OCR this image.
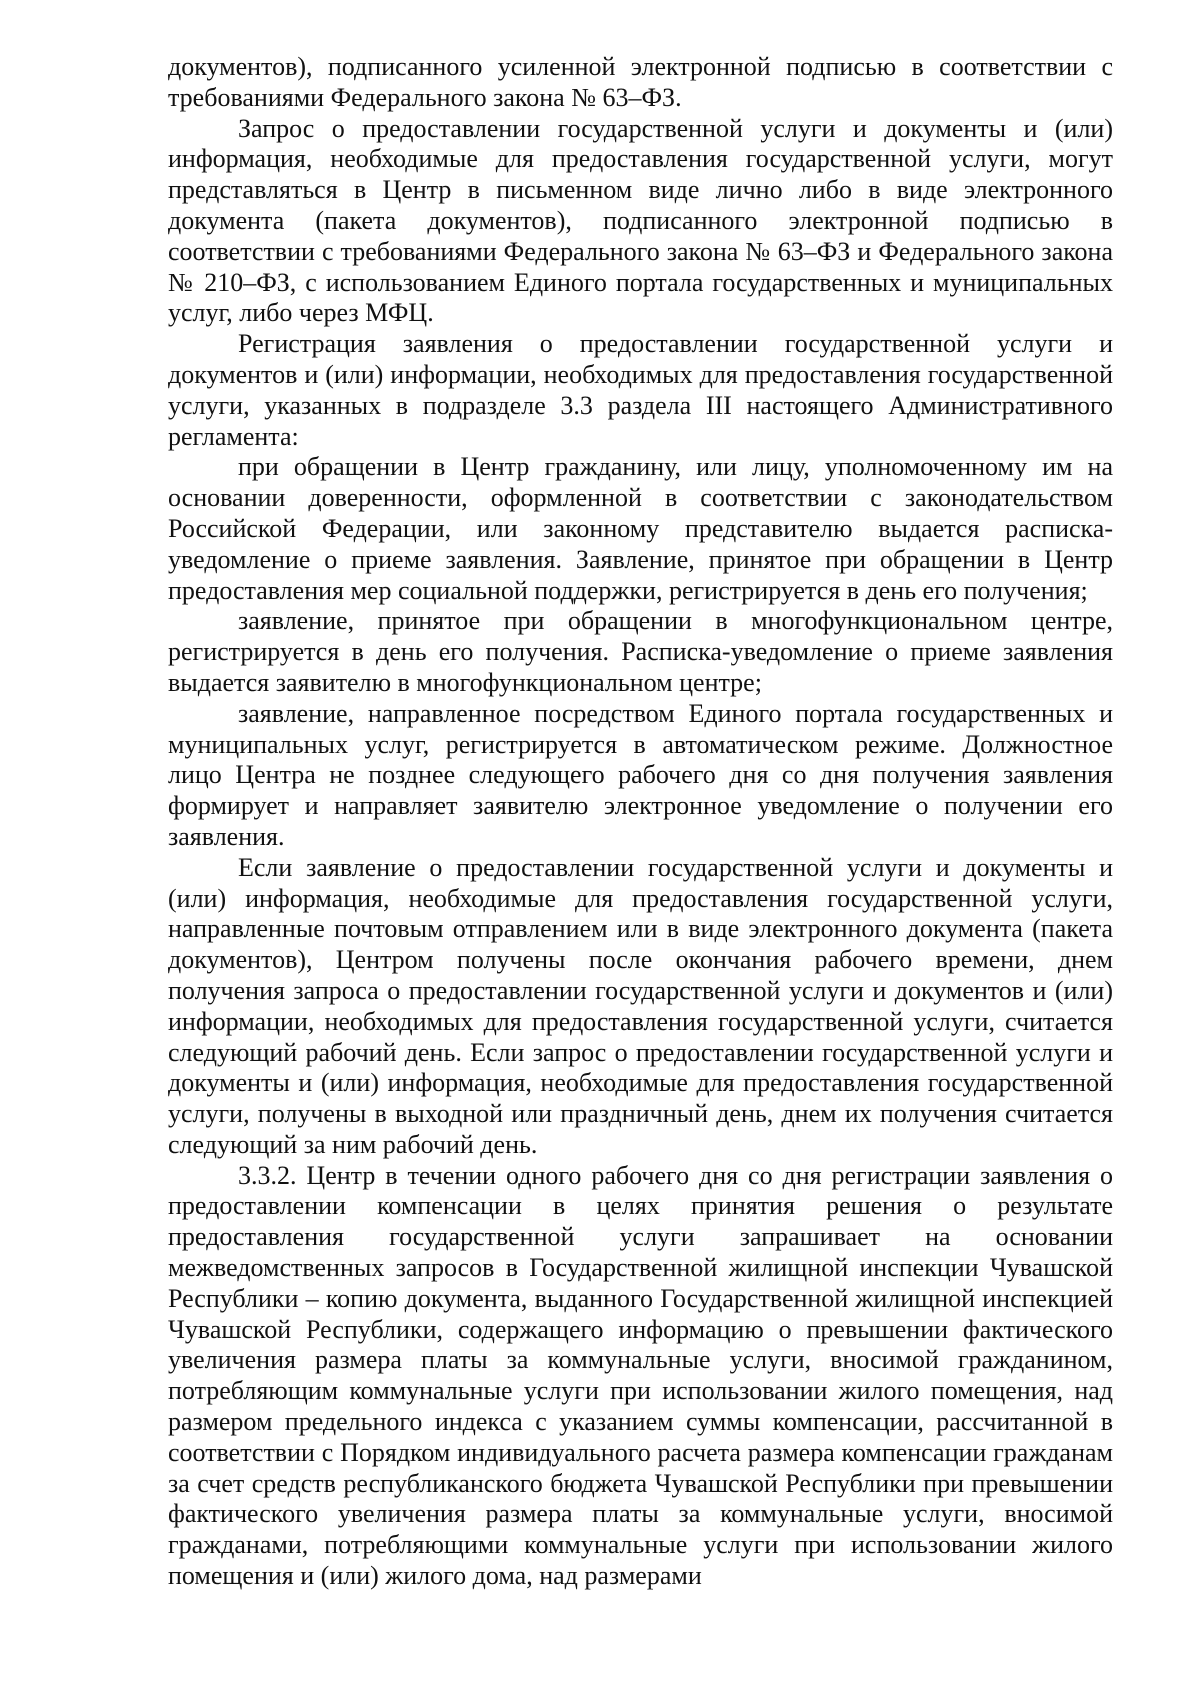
документов), подписанного усиленной электронной подписью в соответствии с требованиями Федерального закона № 63–ФЗ.

Запрос о предоставлении государственной услуги и документы и (или) информация, необходимые для предоставления государственной услуги, могут представляться в Центр в письменном виде лично либо в виде электронного документа (пакета документов), подписанного электронной подписью в соответствии с требованиями Федерального закона № 63–ФЗ и Федерального закона № 210–ФЗ, с использованием Единого портала государственных и муниципальных услуг, либо через МФЦ.

Регистрация заявления о предоставлении государственной услуги и документов и (или) информации, необходимых для предоставления государственной услуги, указанных в подразделе 3.3 раздела III настоящего Административного регламента:

при обращении в Центр гражданину, или лицу, уполномоченному им на основании доверенности, оформленной в соответствии с законодательством Российской Федерации, или законному представителю выдается расписка-уведомление о приеме заявления. Заявление, принятое при обращении в Центр предоставления мер социальной поддержки, регистрируется в день его получения;

заявление, принятое при обращении в многофункциональном центре, регистрируется в день его получения. Расписка-уведомление о приеме заявления выдается заявителю в многофункциональном центре;

заявление, направленное посредством Единого портала государственных и муниципальных услуг, регистрируется в автоматическом режиме. Должностное лицо Центра не позднее следующего рабочего дня со дня получения заявления формирует и направляет заявителю электронное уведомление о получении его заявления.

Если заявление о предоставлении государственной услуги и документы и (или) информация, необходимые для предоставления государственной услуги, направленные почтовым отправлением или в виде электронного документа (пакета документов), Центром получены после окончания рабочего времени, днем получения запроса о предоставлении государственной услуги и документов и (или) информации, необходимых для предоставления государственной услуги, считается следующий рабочий день. Если запрос о предоставлении государственной услуги и документы и (или) информация, необходимые для предоставления государственной услуги, получены в выходной или праздничный день, днем их получения считается следующий за ним рабочий день.

3.3.2. Центр в течении одного рабочего дня со дня регистрации заявления о предоставлении компенсации в целях принятия решения о результате предоставления государственной услуги запрашивает на основании межведомственных запросов в Государственной жилищной инспекции Чувашской Республики – копию документа, выданного Государственной жилищной инспекцией Чувашской Республики, содержащего информацию о превышении фактического увеличения размера платы за коммунальные услуги, вносимой гражданином, потребляющим коммунальные услуги при использовании жилого помещения, над размером предельного индекса с указанием суммы компенсации, рассчитанной в соответствии с Порядком индивидуального расчета размера компенсации гражданам за счет средств республиканского бюджета Чувашской Республики при превышении фактического увеличения размера платы за коммунальные услуги, вносимой гражданами, потребляющими коммунальные услуги при использовании жилого помещения и (или) жилого дома, над размерами
